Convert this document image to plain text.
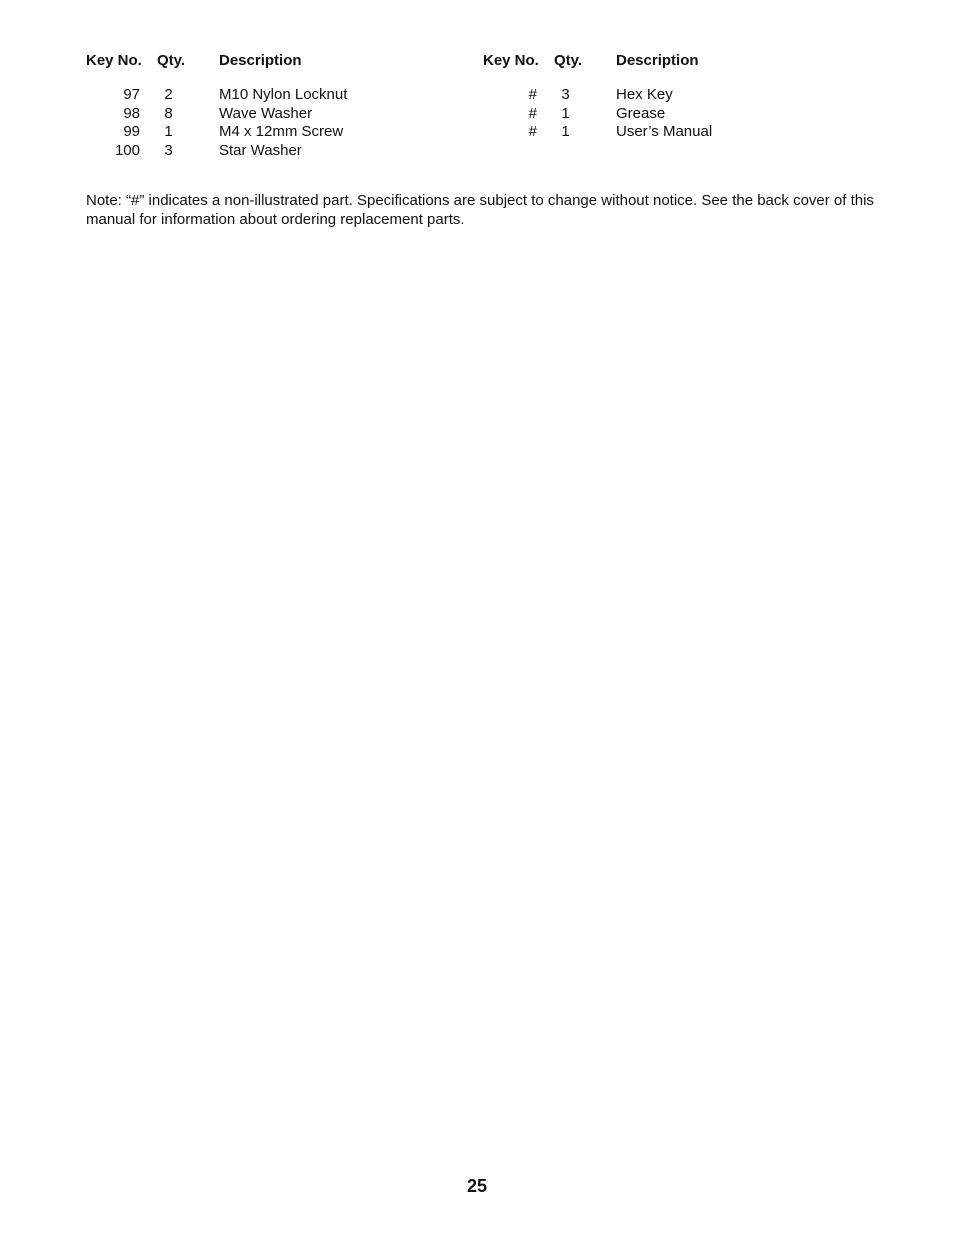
Key No. Qty. Description
97	2	M10 Nylon Locknut
98	8	Wave Washer
99	1	M4 x 12mm Screw
100	3	Star Washer
Key No. Qty. Description
#	3	Hex Key
#	1	Grease
#	1	User’s Manual

Note: “#” indicates a non-illustrated part. Specifications are subject to change without notice. See the back cover of this manual for information about ordering replacement parts.

25
